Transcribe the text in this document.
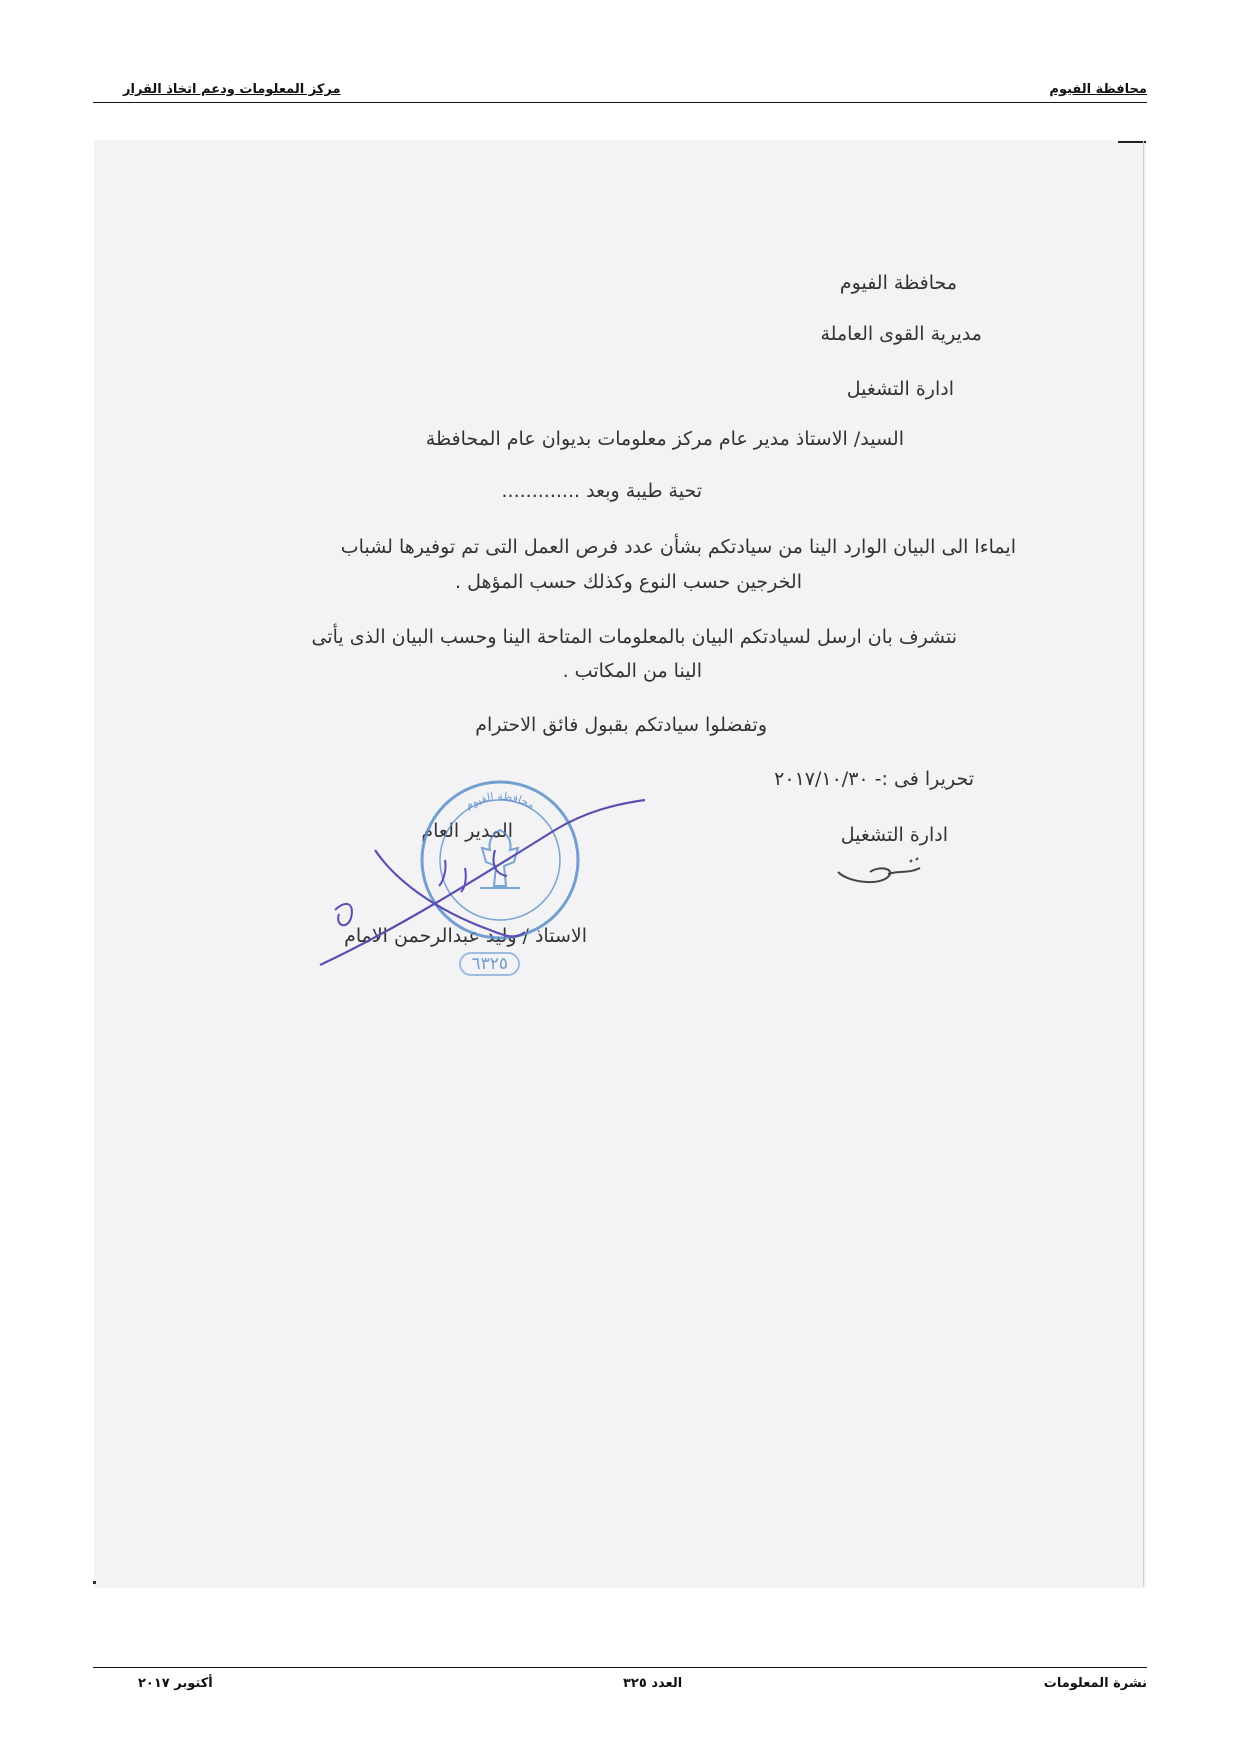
محافظة الفيوم
مركز المعلومات ودعم اتخاذ القرار
محافظة الفيوم
مديرية القوى العاملة
ادارة التشغيل
السيد/ الاستاذ مدير عام مركز معلومات بديوان عام المحافظة
تحية طيبة وبعد .............
ايماءا الى البيان الوارد الينا من سيادتكم بشأن عدد فرص العمل التى تم توفيرها لشباب
الخرجين حسب النوع وكذلك حسب المؤهل .
نتشرف بان ارسل لسيادتكم البيان بالمعلومات المتاحة الينا وحسب البيان الذى يأتى
الينا من المكاتب .
وتفضلوا سيادتكم بقبول فائق الاحترام
تحريرا فى :- ٢٠١٧/١٠/٣٠
ادارة التشغيل
المدير العام
الاستاذ / وليد عبدالرحمن الامام
محافظة الفيوم
٦٣٢٥
نشرة المعلومات
العدد ٣٢٥
أكتوبر ٢٠١٧
